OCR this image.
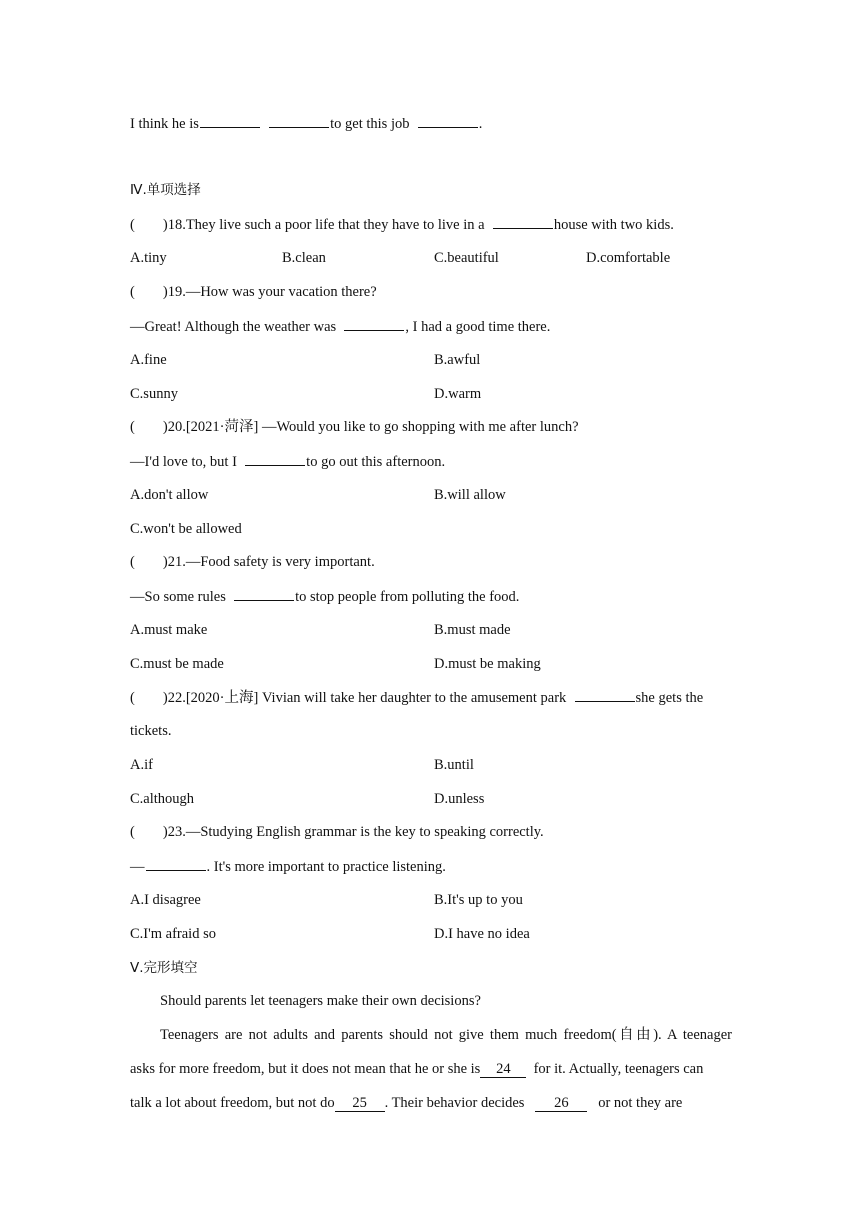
I think he is	to get this job	.
Ⅳ.单项选择
( )18.They live such a poor life that they have to live in a	house with two kids.
A.tiny	B.clean	C.beautiful	D.comfortable
( )19.—How was your vacation there?
—Great! Although the weather was	, I had a good time there.
A.fine	B.awful
C.sunny	D.warm
( )20.[2021·菏泽] —Would you like to go shopping with me after lunch?
—I'd love to, but I	to go out this afternoon.
A.don't allow	B.will allow
C.won't be allowed
( )21.—Food safety is very important.
—So some rules	to stop people from polluting the food.
A.must make	B.must made
C.must be made	D.must be making
( )22.[2020·上海] Vivian will take her daughter to the amusement park	she gets the
tickets.
A.if	B.until
C.although	D.unless
( )23.—Studying English grammar is the key to speaking correctly.
—	. It's more important to practice listening.
A.I disagree	B.It's up to you
C.I'm afraid so	D.I have no idea
Ⅴ.完形填空
Should parents let teenagers make their own decisions?
Teenagers are not adults and parents should not give them much freedom(自由). A teenager
asks for more freedom, but it does not mean that he or she is 24 for it. Actually, teenagers can
talk a lot about freedom, but not do 25 . Their behavior decides 26 or not they are
